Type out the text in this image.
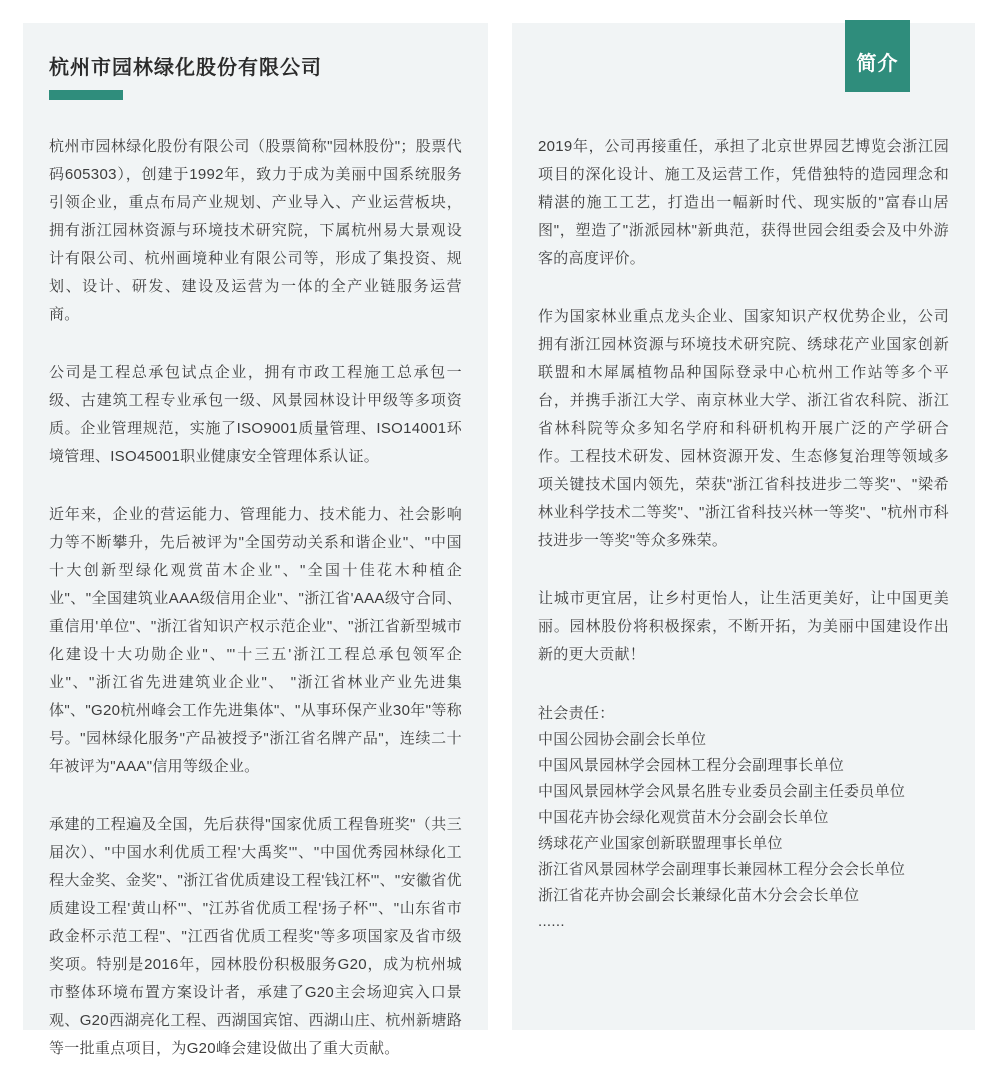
杭州市园林绿化股份有限公司

杭州市园林绿化股份有限公司（股票简称"园林股份"；股票代码605303），创建于1992年，致力于成为美丽中国系统服务引领企业，重点布局产业规划、产业导入、产业运营板块，拥有浙江园林资源与环境技术研究院，下属杭州易大景观设计有限公司、杭州画境种业有限公司等，形成了集投资、规划、设计、研发、建设及运营为一体的全产业链服务运营商。

公司是工程总承包试点企业，拥有市政工程施工总承包一级、古建筑工程专业承包一级、风景园林设计甲级等多项资质。企业管理规范，实施了ISO9001质量管理、ISO14001环境管理、ISO45001职业健康安全管理体系认证。

近年来，企业的营运能力、管理能力、技术能力、社会影响力等不断攀升，先后被评为"全国劳动关系和谐企业"、"中国十大创新型绿化观赏苗木企业"、"全国十佳花木种植企业"、"全国建筑业AAA级信用企业"、"浙江省'AAA级守合同、重信用'单位"、"浙江省知识产权示范企业"、"浙江省新型城市化建设十大功勋企业"、"'十三五'浙江工程总承包领军企业"、"浙江省先进建筑业企业"、 "浙江省林业产业先进集体"、"G20杭州峰会工作先进集体"、"从事环保产业30年"等称号。"园林绿化服务"产品被授予"浙江省名牌产品"，连续二十年被评为"AAA"信用等级企业。

承建的工程遍及全国，先后获得"国家优质工程鲁班奖"（共三届次）、"中国水利优质工程'大禹奖'"、"中国优秀园林绿化工程大金奖、金奖"、"浙江省优质建设工程'钱江杯'"、"安徽省优质建设工程'黄山杯'"、"江苏省优质工程'扬子杯'"、"山东省市政金杯示范工程"、"江西省优质工程奖"等多项国家及省市级奖项。特别是2016年，园林股份积极服务G20，成为杭州城市整体环境布置方案设计者，承建了G20主会场迎宾入口景观、G20西湖亮化工程、西湖国宾馆、西湖山庄、杭州新塘路等一批重点项目，为G20峰会建设做出了重大贡献。

简介

2019年，公司再接重任，承担了北京世界园艺博览会浙江园项目的深化设计、施工及运营工作，凭借独特的造园理念和精湛的施工工艺，打造出一幅新时代、现实版的"富春山居图"，塑造了"浙派园林"新典范，获得世园会组委会及中外游客的高度评价。

作为国家林业重点龙头企业、国家知识产权优势企业，公司拥有浙江园林资源与环境技术研究院、绣球花产业国家创新联盟和木犀属植物品种国际登录中心杭州工作站等多个平台，并携手浙江大学、南京林业大学、浙江省农科院、浙江省林科院等众多知名学府和科研机构开展广泛的产学研合作。工程技术研发、园林资源开发、生态修复治理等领域多项关键技术国内领先，荣获"浙江省科技进步二等奖"、"梁希林业科学技术二等奖"、"浙江省科技兴林一等奖"、"杭州市科技进步一等奖"等众多殊荣。

让城市更宜居，让乡村更怡人，让生活更美好，让中国更美丽。园林股份将积极探索，不断开拓，为美丽中国建设作出新的更大贡献！

社会责任：
中国公园协会副会长单位
中国风景园林学会园林工程分会副理事长单位
中国风景园林学会风景名胜专业委员会副主任委员单位
中国花卉协会绿化观赏苗木分会副会长单位
绣球花产业国家创新联盟理事长单位
浙江省风景园林学会副理事长兼园林工程分会会长单位
浙江省花卉协会副会长兼绿化苗木分会会长单位
......
